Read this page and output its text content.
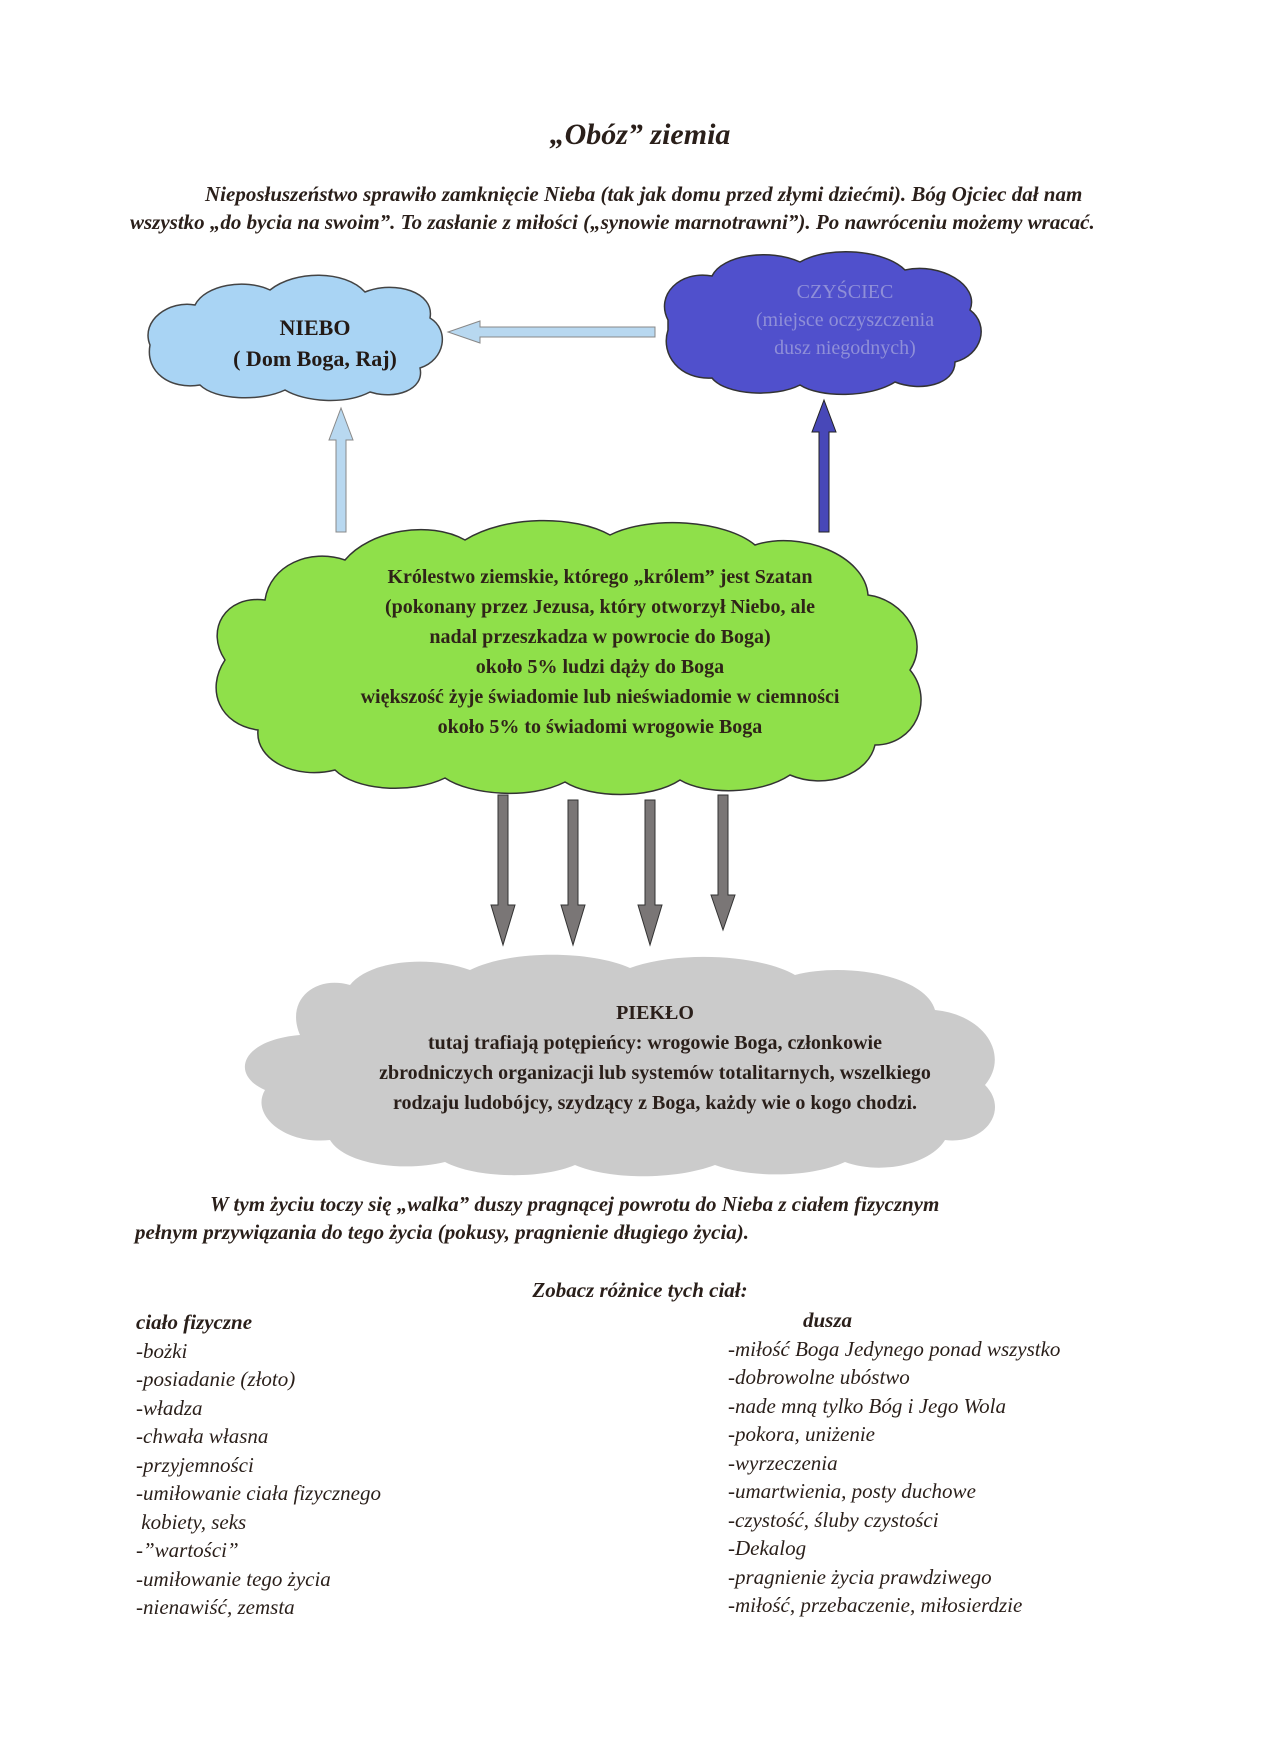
„Obóz” ziemia
Nieposłuszeństwo sprawiło zamknięcie Nieba (tak jak domu przed złymi dziećmi). Bóg Ojciec dał nam wszystko „do bycia na swoim”. To zasłanie z miłości („synowie marnotrawni”). Po nawróceniu możemy wracać.
NIEBO
( Dom Boga, Raj)
CZYŚCIEC
(miejsce oczyszczenia
dusz niegodnych)
Królestwo ziemskie, którego „królem” jest Szatan
(pokonany przez Jezusa, który otworzył Niebo, ale
nadal przeszkadza w powrocie do Boga)
około 5% ludzi dąży do Boga
większość żyje świadomie lub nieświadomie w ciemności
około 5% to świadomi wrogowie Boga
PIEKŁO
tutaj trafiają potępieńcy: wrogowie Boga, członkowie
zbrodniczych organizacji lub systemów totalitarnych, wszelkiego
rodzaju ludobójcy, szydzący z Boga, każdy wie o kogo chodzi.
W tym życiu toczy się „walka” duszy pragnącej powrotu do Nieba z ciałem fizycznym
pełnym przywiązania do tego życia (pokusy, pragnienie długiego życia).
Zobacz różnice tych ciał:
ciało fizyczne
-bożki
-posiadanie (złoto)
-władza
-chwała własna
-przyjemności
-umiłowanie ciała fizycznego
kobiety, seks
-”wartości”
-umiłowanie tego życia
-nienawiść, zemsta
dusza
-miłość Boga Jedynego ponad wszystko
-dobrowolne ubóstwo
-nade mną tylko Bóg i Jego Wola
-pokora, uniżenie
-wyrzeczenia
-umartwienia, posty duchowe
-czystość, śluby czystości
-Dekalog
-pragnienie życia prawdziwego
-miłość, przebaczenie, miłosierdzie
